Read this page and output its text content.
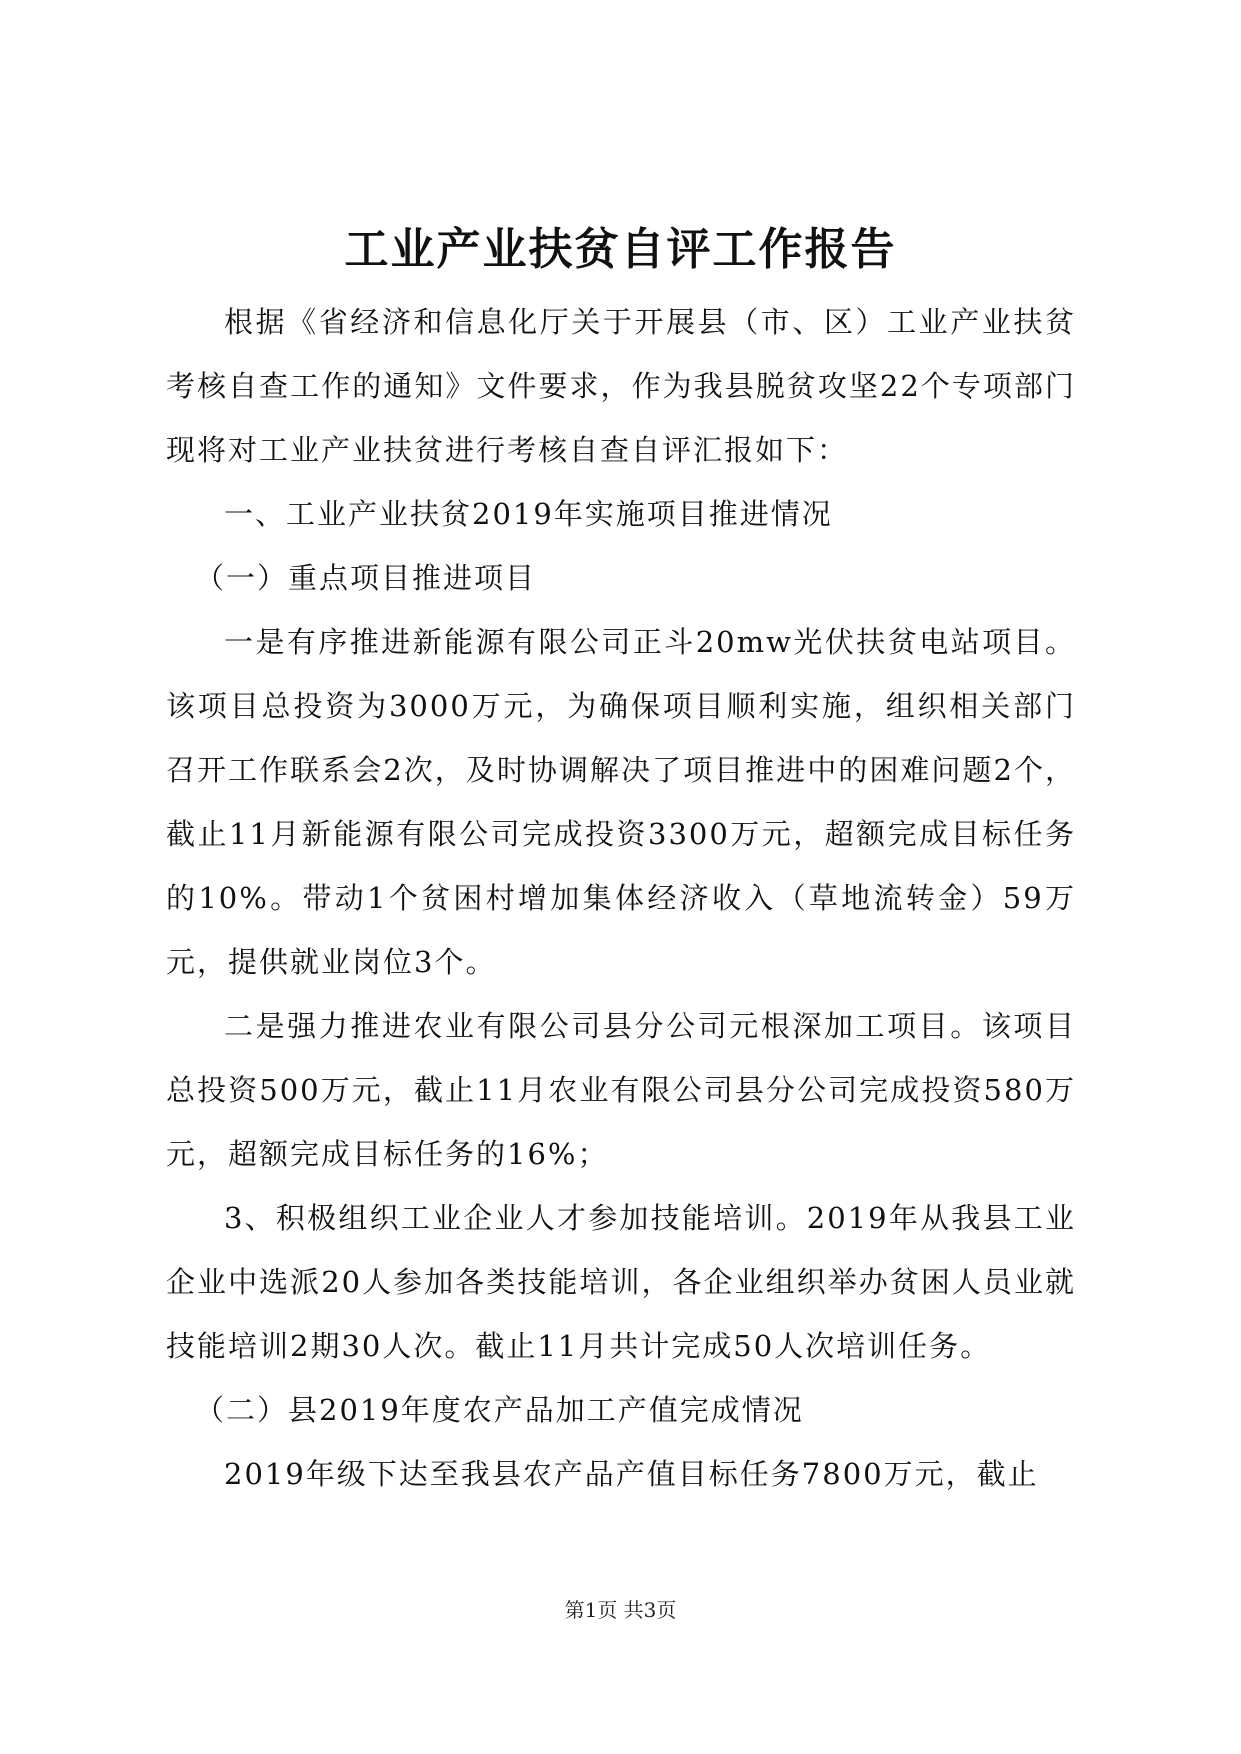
工业产业扶贫自评工作报告

根据《省经济和信息化厅关于开展县（市、区）工业产业扶贫考核自查工作的通知》文件要求，作为我县脱贫攻坚22个专项部门现将对工业产业扶贫进行考核自查自评汇报如下：

一、工业产业扶贫2019年实施项目推进情况

（一）重点项目推进项目

一是有序推进新能源有限公司正斗20mw光伏扶贫电站项目。该项目总投资为3000万元，为确保项目顺利实施，组织相关部门召开工作联系会2次，及时协调解决了项目推进中的困难问题2个，截止11月新能源有限公司完成投资3300万元，超额完成目标任务的10%。带动1个贫困村增加集体经济收入（草地流转金）59万元，提供就业岗位3个。

二是强力推进农业有限公司县分公司元根深加工项目。该项目总投资500万元，截止11月农业有限公司县分公司完成投资580万元，超额完成目标任务的16%；

3、积极组织工业企业人才参加技能培训。2019年从我县工业企业中选派20人参加各类技能培训，各企业组织举办贫困人员业就技能培训2期30人次。截止11月共计完成50人次培训任务。

（二）县2019年度农产品加工产值完成情况

2019年级下达至我县农产品产值目标任务7800万元，截止

第1页 共3页
